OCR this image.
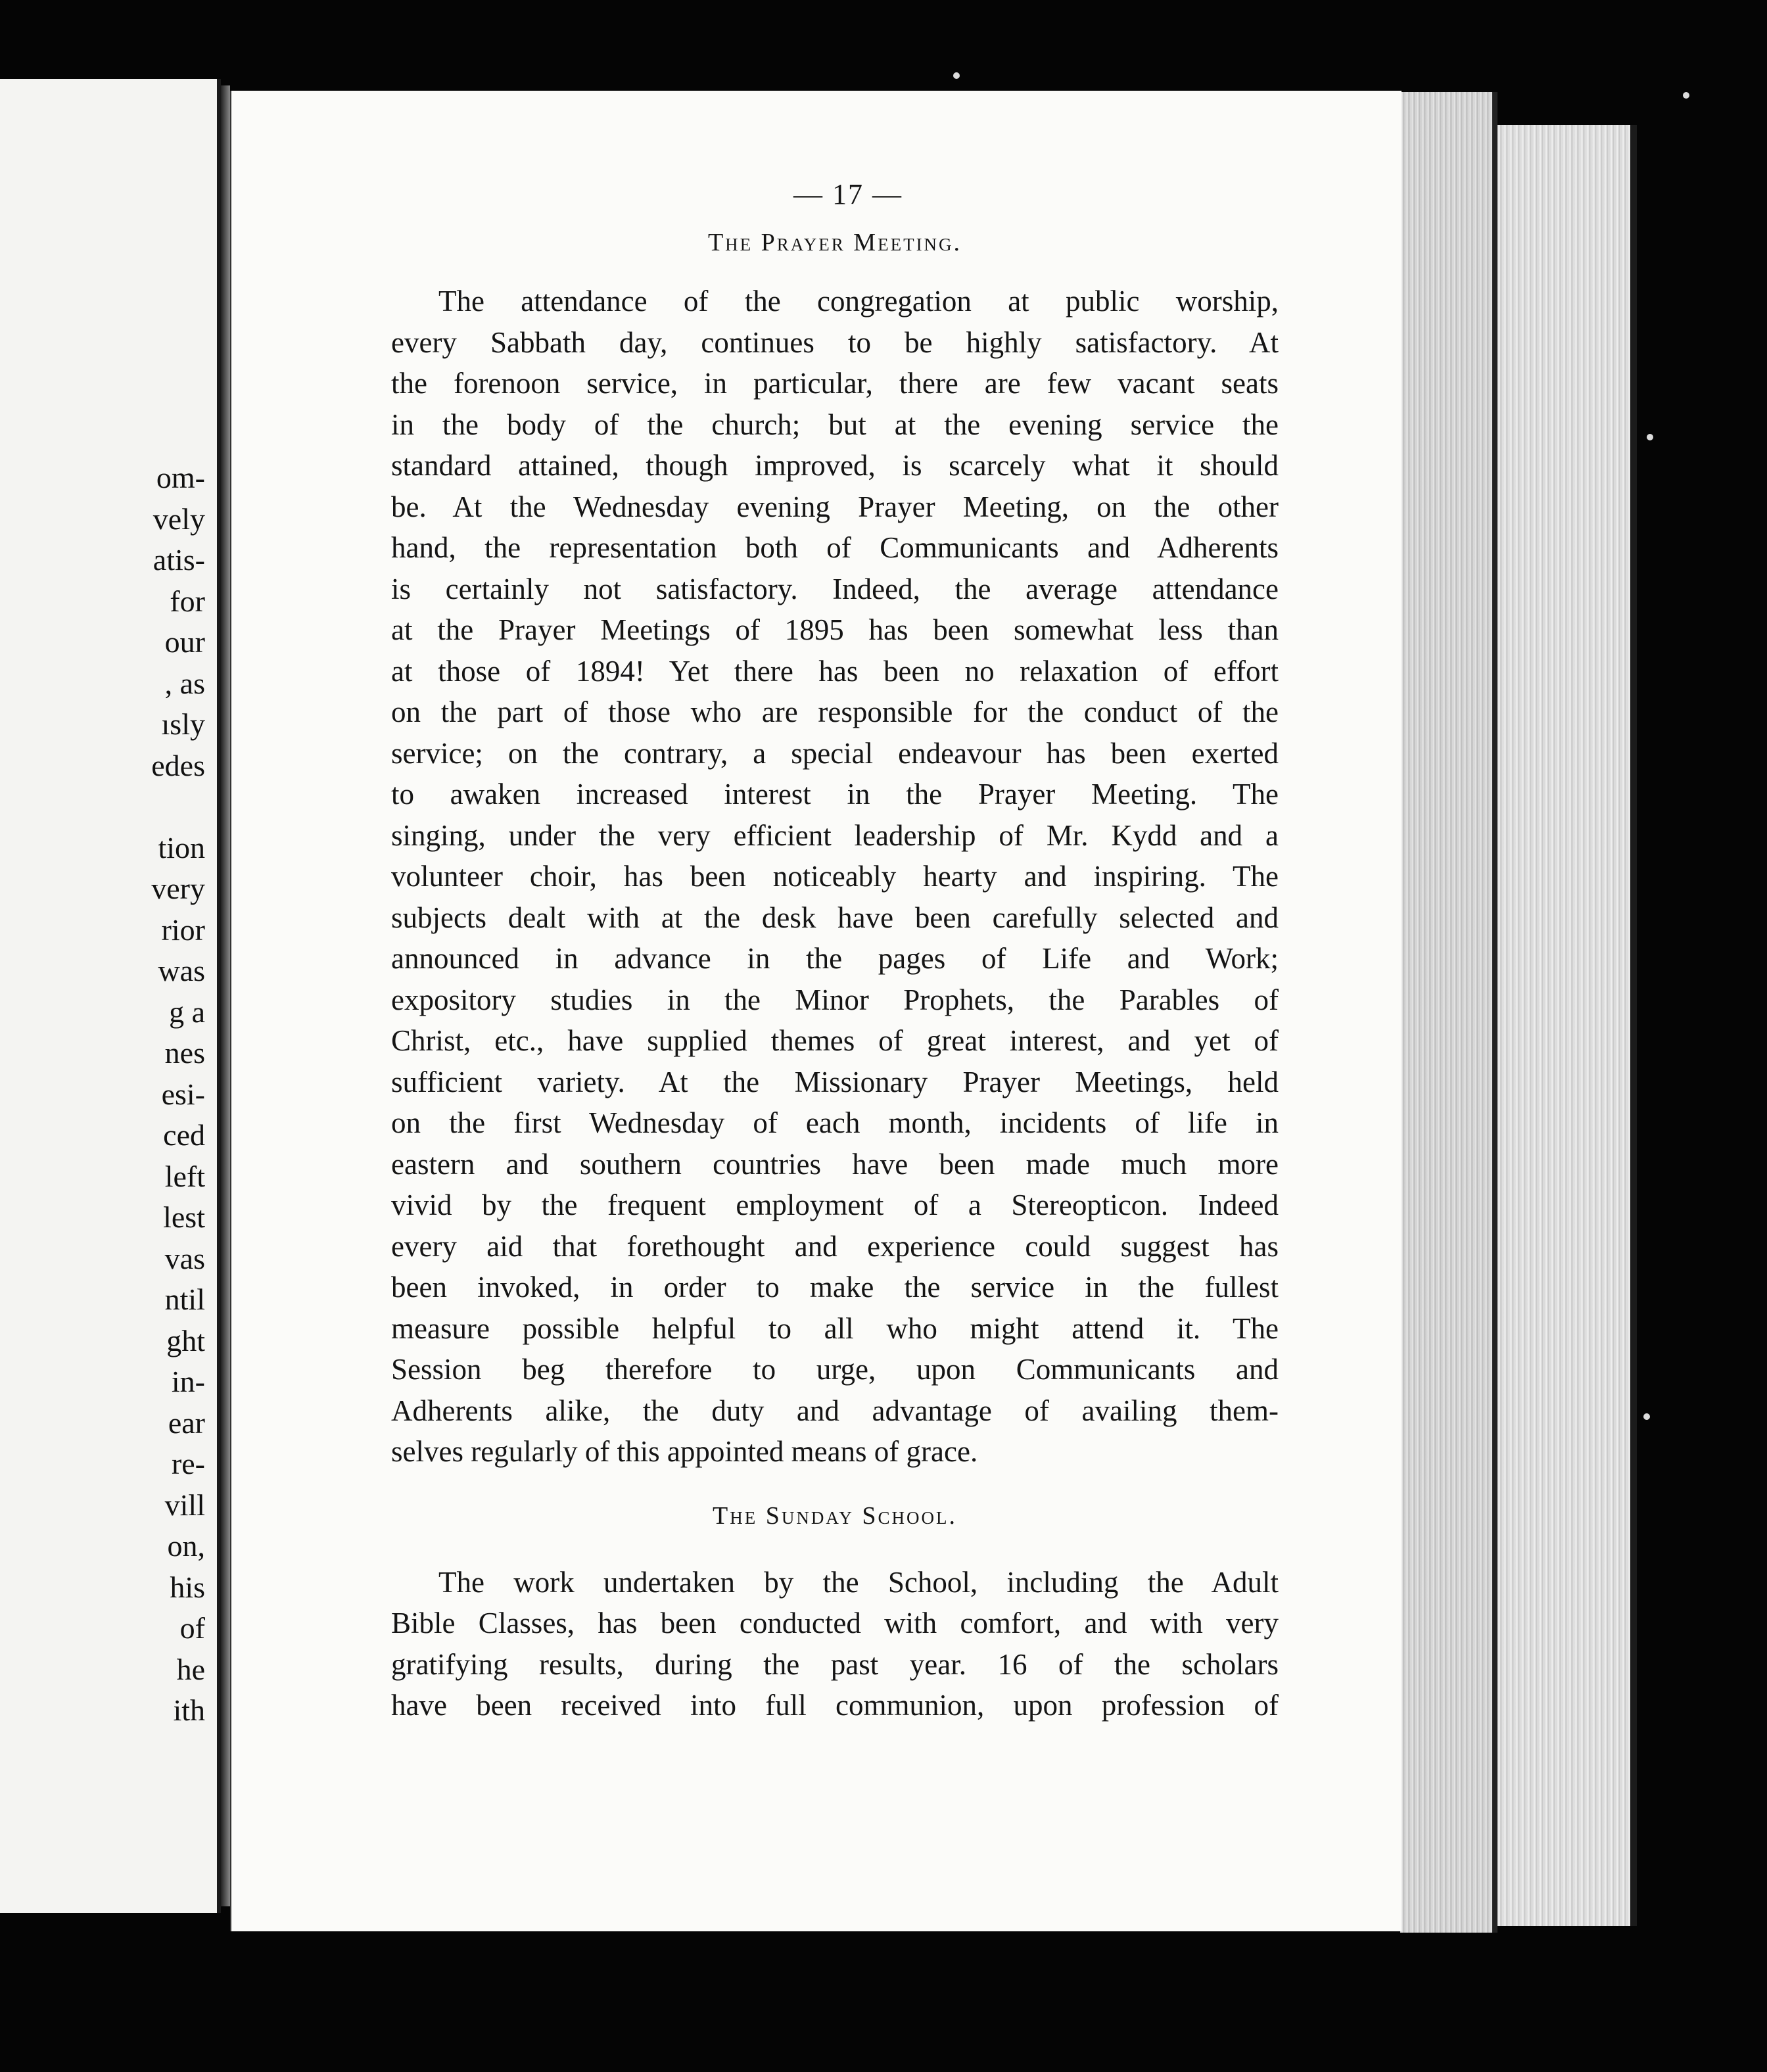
om-
vely
atis-
for
our
, as
ısly
edes
tion
very
rior
was
g a
nes
esi-
ced
left
lest
vas
ntil
ght
in-
ear
re-
vill
on,
his
of
he
ith
— 17 —
The Prayer Meeting.
The attendance of the congregation at public worship,
every Sabbath day, continues to be highly satisfactory. At
the forenoon service, in particular, there are few vacant seats
in the body of the church; but at the evening service the
standard attained, though improved, is scarcely what it should
be. At the Wednesday evening Prayer Meeting, on the other
hand, the representation both of Communicants and Adherents
is certainly not satisfactory. Indeed, the average attendance
at the Prayer Meetings of 1895 has been somewhat less than
at those of 1894! Yet there has been no relaxation of effort
on the part of those who are responsible for the conduct of the
service; on the contrary, a special endeavour has been exerted
to awaken increased interest in the Prayer Meeting. The
singing, under the very efficient leadership of Mr. Kydd and a
volunteer choir, has been noticeably hearty and inspiring. The
subjects dealt with at the desk have been carefully selected and
announced in advance in the pages of Life and Work;
expository studies in the Minor Prophets, the Parables of
Christ, etc., have supplied themes of great interest, and yet of
sufficient variety. At the Missionary Prayer Meetings, held
on the first Wednesday of each month, incidents of life in
eastern and southern countries have been made much more
vivid by the frequent employment of a Stereopticon. Indeed
every aid that forethought and experience could suggest has
been invoked, in order to make the service in the fullest
measure possible helpful to all who might attend it. The
Session beg therefore to urge, upon Communicants and
Adherents alike, the duty and advantage of availing them-
selves regularly of this appointed means of grace.
The Sunday School.
The work undertaken by the School, including the Adult
Bible Classes, has been conducted with comfort, and with very
gratifying results, during the past year. 16 of the scholars
have been received into full communion, upon profession of
